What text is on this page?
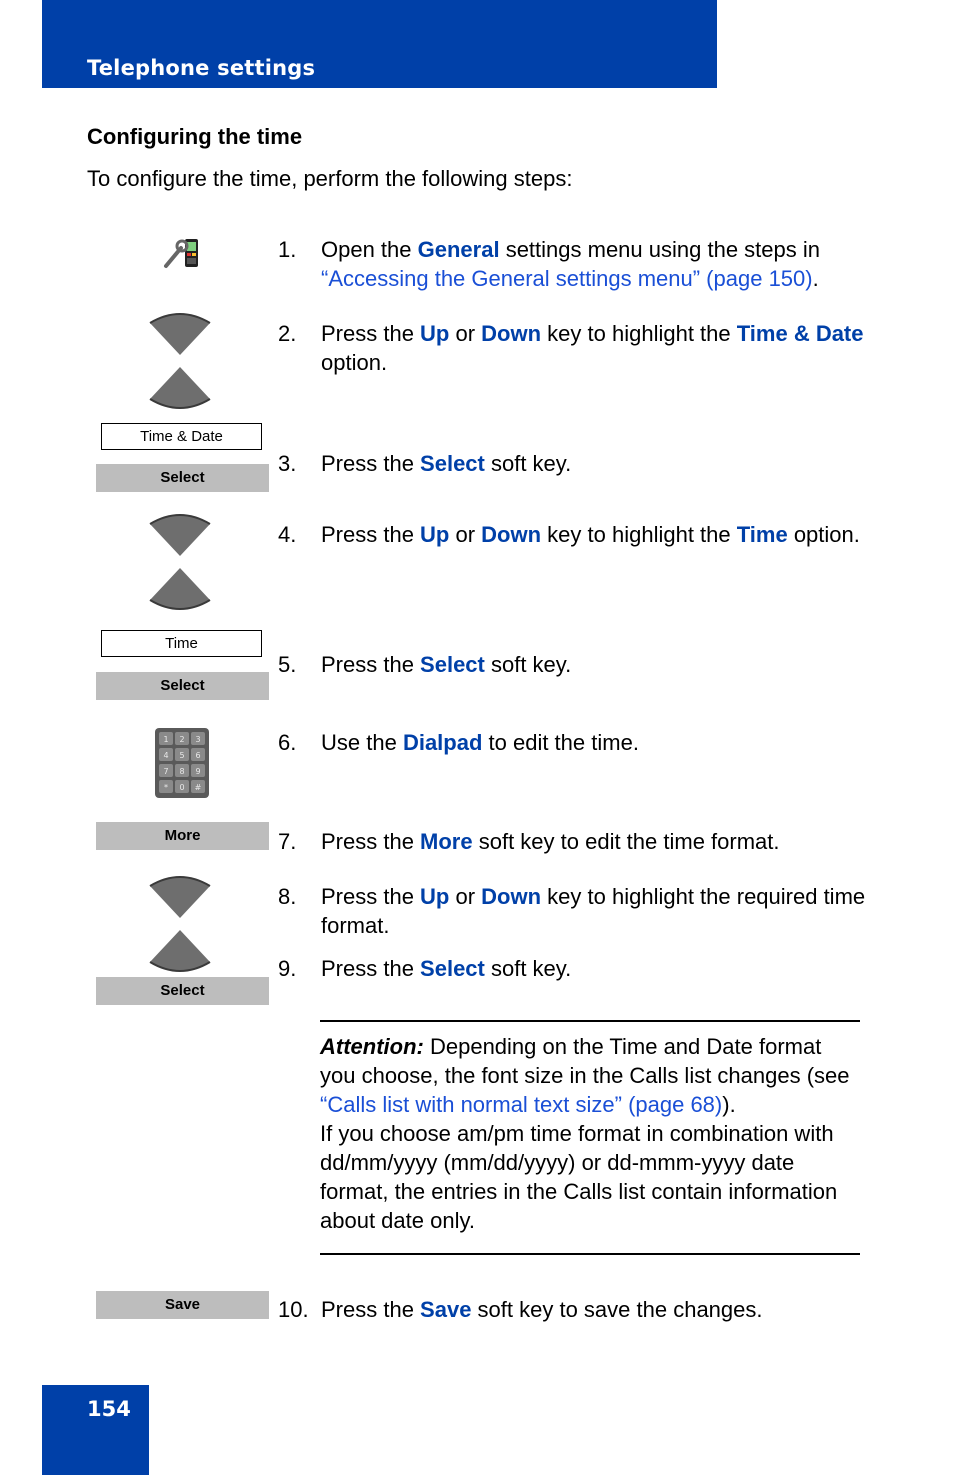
Telephone settings
Configuring the time
To configure the time, perform the following steps:
Time & Date
Select
Time
Select
1 2 3
4 5 6
7 8 9
* 0 #
More
Select
Save
1. Open the General settings menu using the steps in “Accessing the General settings menu” (page 150).
2. Press the Up or Down key to highlight the Time & Date option.
3. Press the Select soft key.
4. Press the Up or Down key to highlight the Time option.
5. Press the Select soft key.
6. Use the Dialpad to edit the time.
7. Press the More soft key to edit the time format.
8. Press the Up or Down key to highlight the required time format.
9. Press the Select soft key.
10. Press the Save soft key to save the changes.
Attention: Depending on the Time and Date format you choose, the font size in the Calls list changes (see “Calls list with normal text size” (page 68)).
If you choose am/pm time format in combination with dd/mm/yyyy (mm/dd/yyyy) or dd-mmm-yyyy date format, the entries in the Calls list contain information about date only.
154
